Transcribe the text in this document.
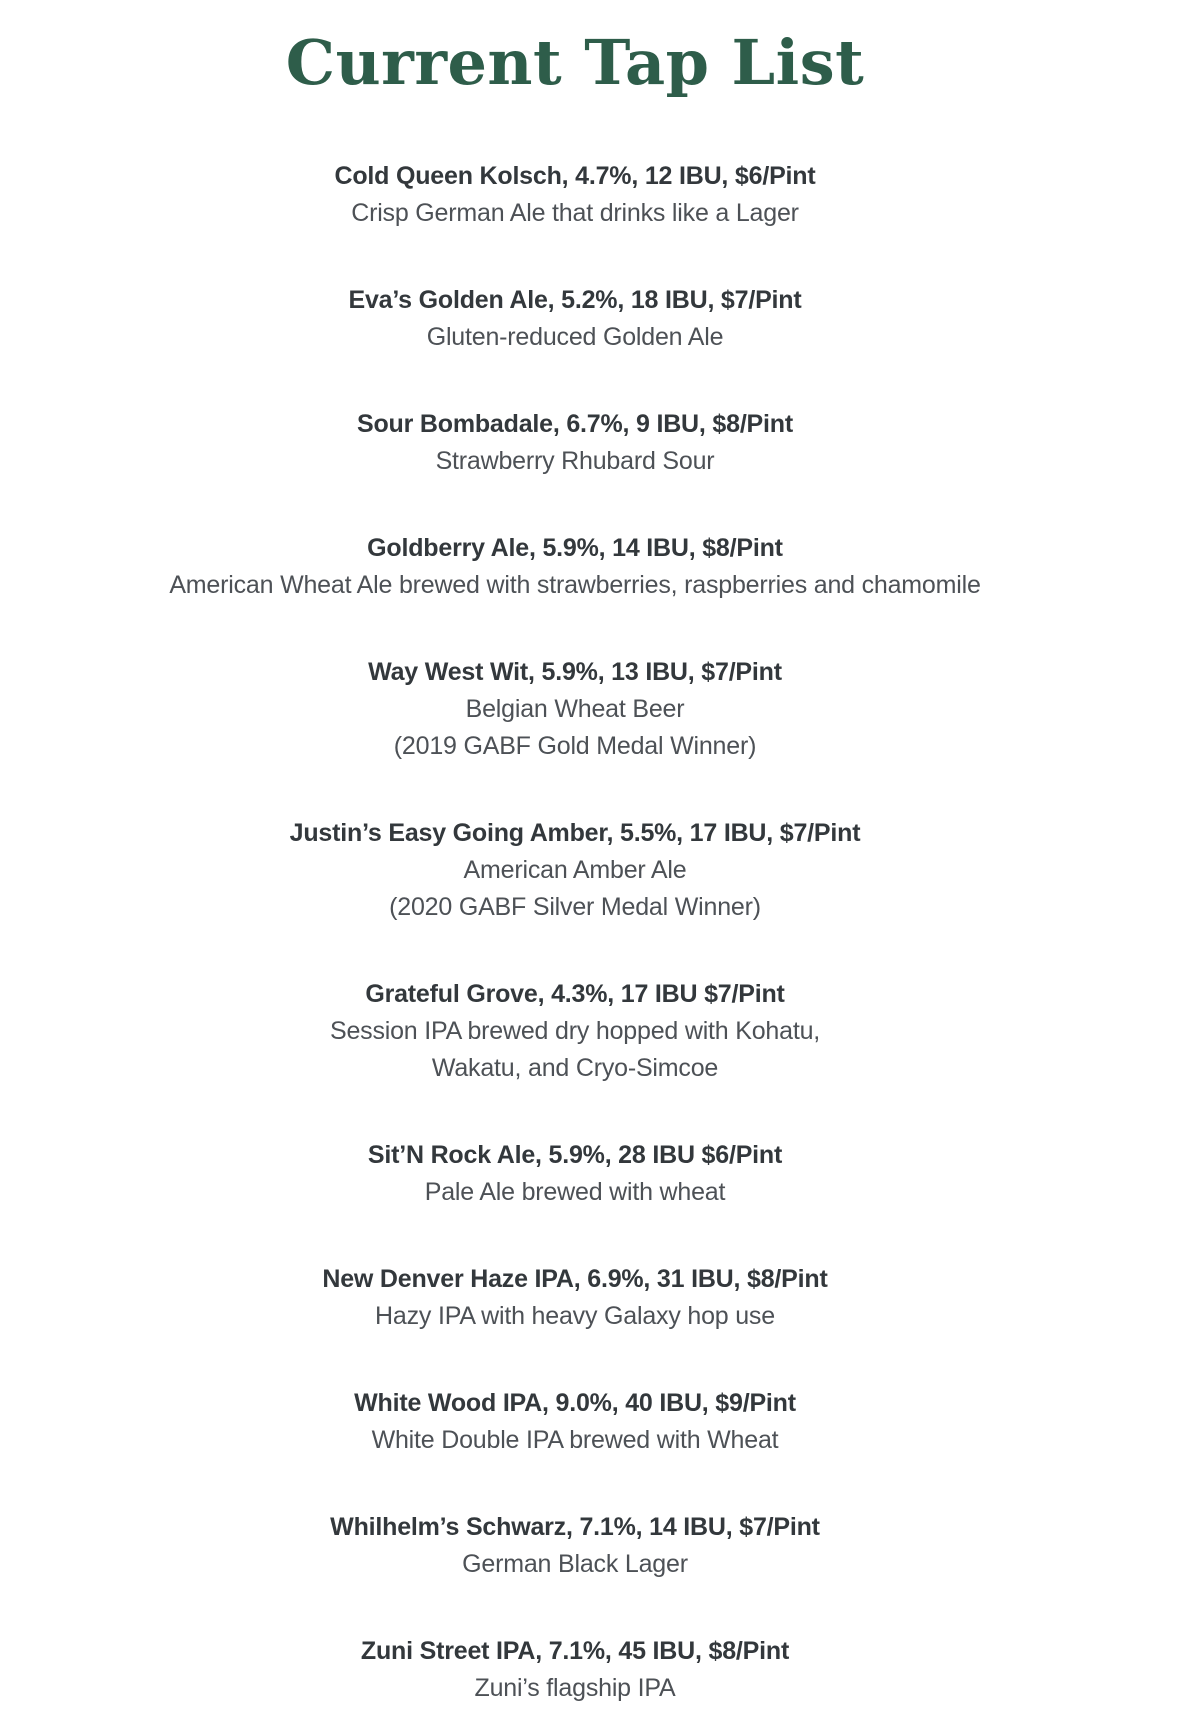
Current Tap List
Cold Queen Kolsch, 4.7%, 12 IBU, $6/Pint
Crisp German Ale that drinks like a Lager
Eva’s Golden Ale, 5.2%, 18 IBU, $7/Pint
Gluten-reduced Golden Ale
Sour Bombadale, 6.7%, 9 IBU, $8/Pint
Strawberry Rhubard Sour
Goldberry Ale, 5.9%, 14 IBU, $8/Pint
American Wheat Ale brewed with strawberries, raspberries and chamomile
Way West Wit, 5.9%, 13 IBU, $7/Pint
Belgian Wheat Beer
(2019 GABF Gold Medal Winner)
Justin’s Easy Going Amber, 5.5%, 17 IBU, $7/Pint
American Amber Ale
(2020 GABF Silver Medal Winner)
Grateful Grove, 4.3%, 17 IBU $7/Pint
Session IPA brewed dry hopped with Kohatu,
Wakatu, and Cryo-Simcoe
Sit’N Rock Ale, 5.9%, 28 IBU $6/Pint
Pale Ale brewed with wheat
New Denver Haze IPA, 6.9%, 31 IBU, $8/Pint
Hazy IPA with heavy Galaxy hop use
White Wood IPA, 9.0%, 40 IBU, $9/Pint
White Double IPA brewed with Wheat
Whilhelm’s Schwarz, 7.1%, 14 IBU, $7/Pint
German Black Lager
Zuni Street IPA, 7.1%, 45 IBU, $8/Pint
Zuni’s flagship IPA
